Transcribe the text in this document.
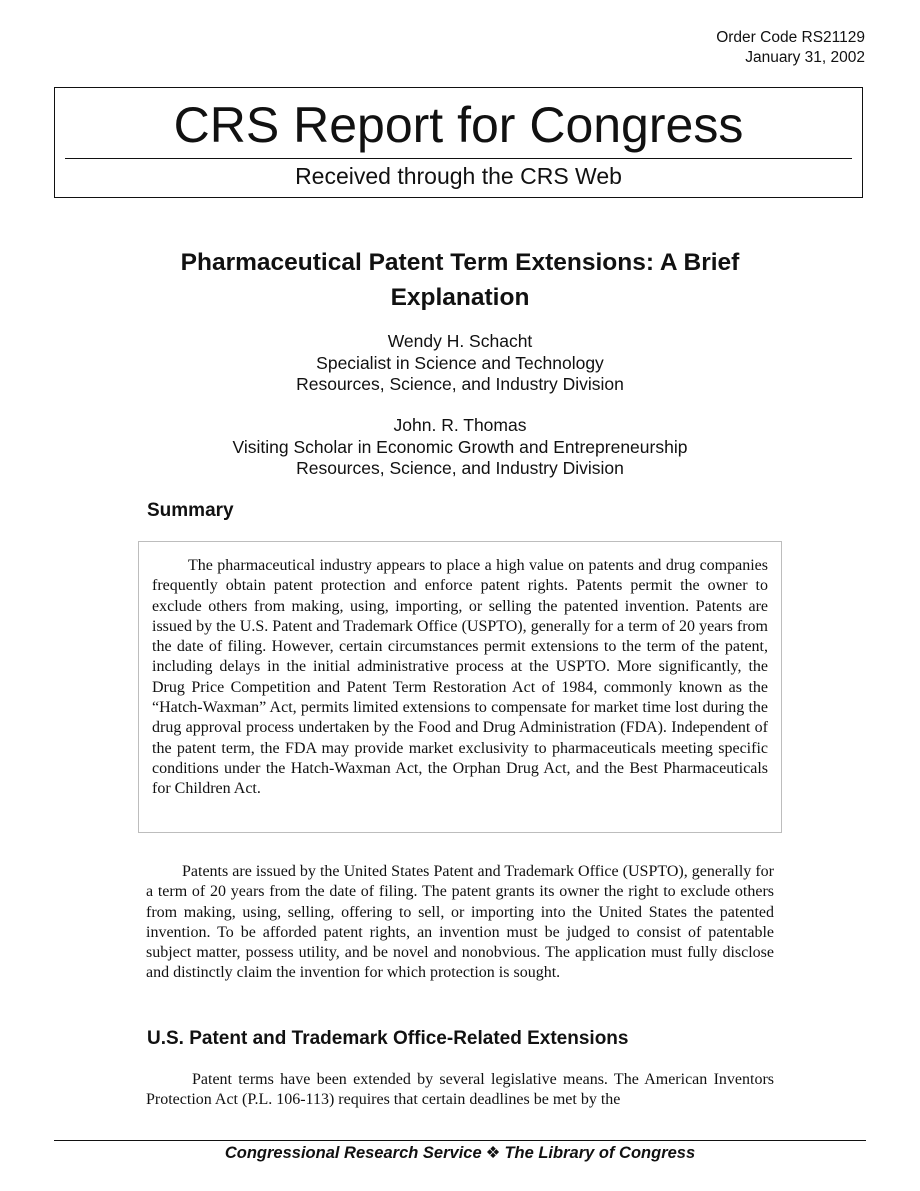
Order Code RS21129
January 31, 2002
CRS Report for Congress
Received through the CRS Web
Pharmaceutical Patent Term Extensions: A Brief Explanation
Wendy H. Schacht
Specialist in Science and Technology
Resources, Science, and Industry Division
John. R. Thomas
Visiting Scholar in Economic Growth and Entrepreneurship
Resources, Science, and Industry Division
Summary
The pharmaceutical industry appears to place a high value on patents and drug companies frequently obtain patent protection and enforce patent rights. Patents permit the owner to exclude others from making, using, importing, or selling the patented invention. Patents are issued by the U.S. Patent and Trademark Office (USPTO), generally for a term of 20 years from the date of filing. However, certain circumstances permit extensions to the term of the patent, including delays in the initial administrative process at the USPTO. More significantly, the Drug Price Competition and Patent Term Restoration Act of 1984, commonly known as the “Hatch-Waxman” Act, permits limited extensions to compensate for market time lost during the drug approval process undertaken by the Food and Drug Administration (FDA). Independent of the patent term, the FDA may provide market exclusivity to pharmaceuticals meeting specific conditions under the Hatch-Waxman Act, the Orphan Drug Act, and the Best Pharmaceuticals for Children Act.
Patents are issued by the United States Patent and Trademark Office (USPTO), generally for a term of 20 years from the date of filing. The patent grants its owner the right to exclude others from making, using, selling, offering to sell, or importing into the United States the patented invention. To be afforded patent rights, an invention must be judged to consist of patentable subject matter, possess utility, and be novel and nonobvious. The application must fully disclose and distinctly claim the invention for which protection is sought.
U.S. Patent and Trademark Office-Related Extensions
Patent terms have been extended by several legislative means. The American Inventors Protection Act (P.L. 106-113) requires that certain deadlines be met by the
Congressional Research Service ❖ The Library of Congress
